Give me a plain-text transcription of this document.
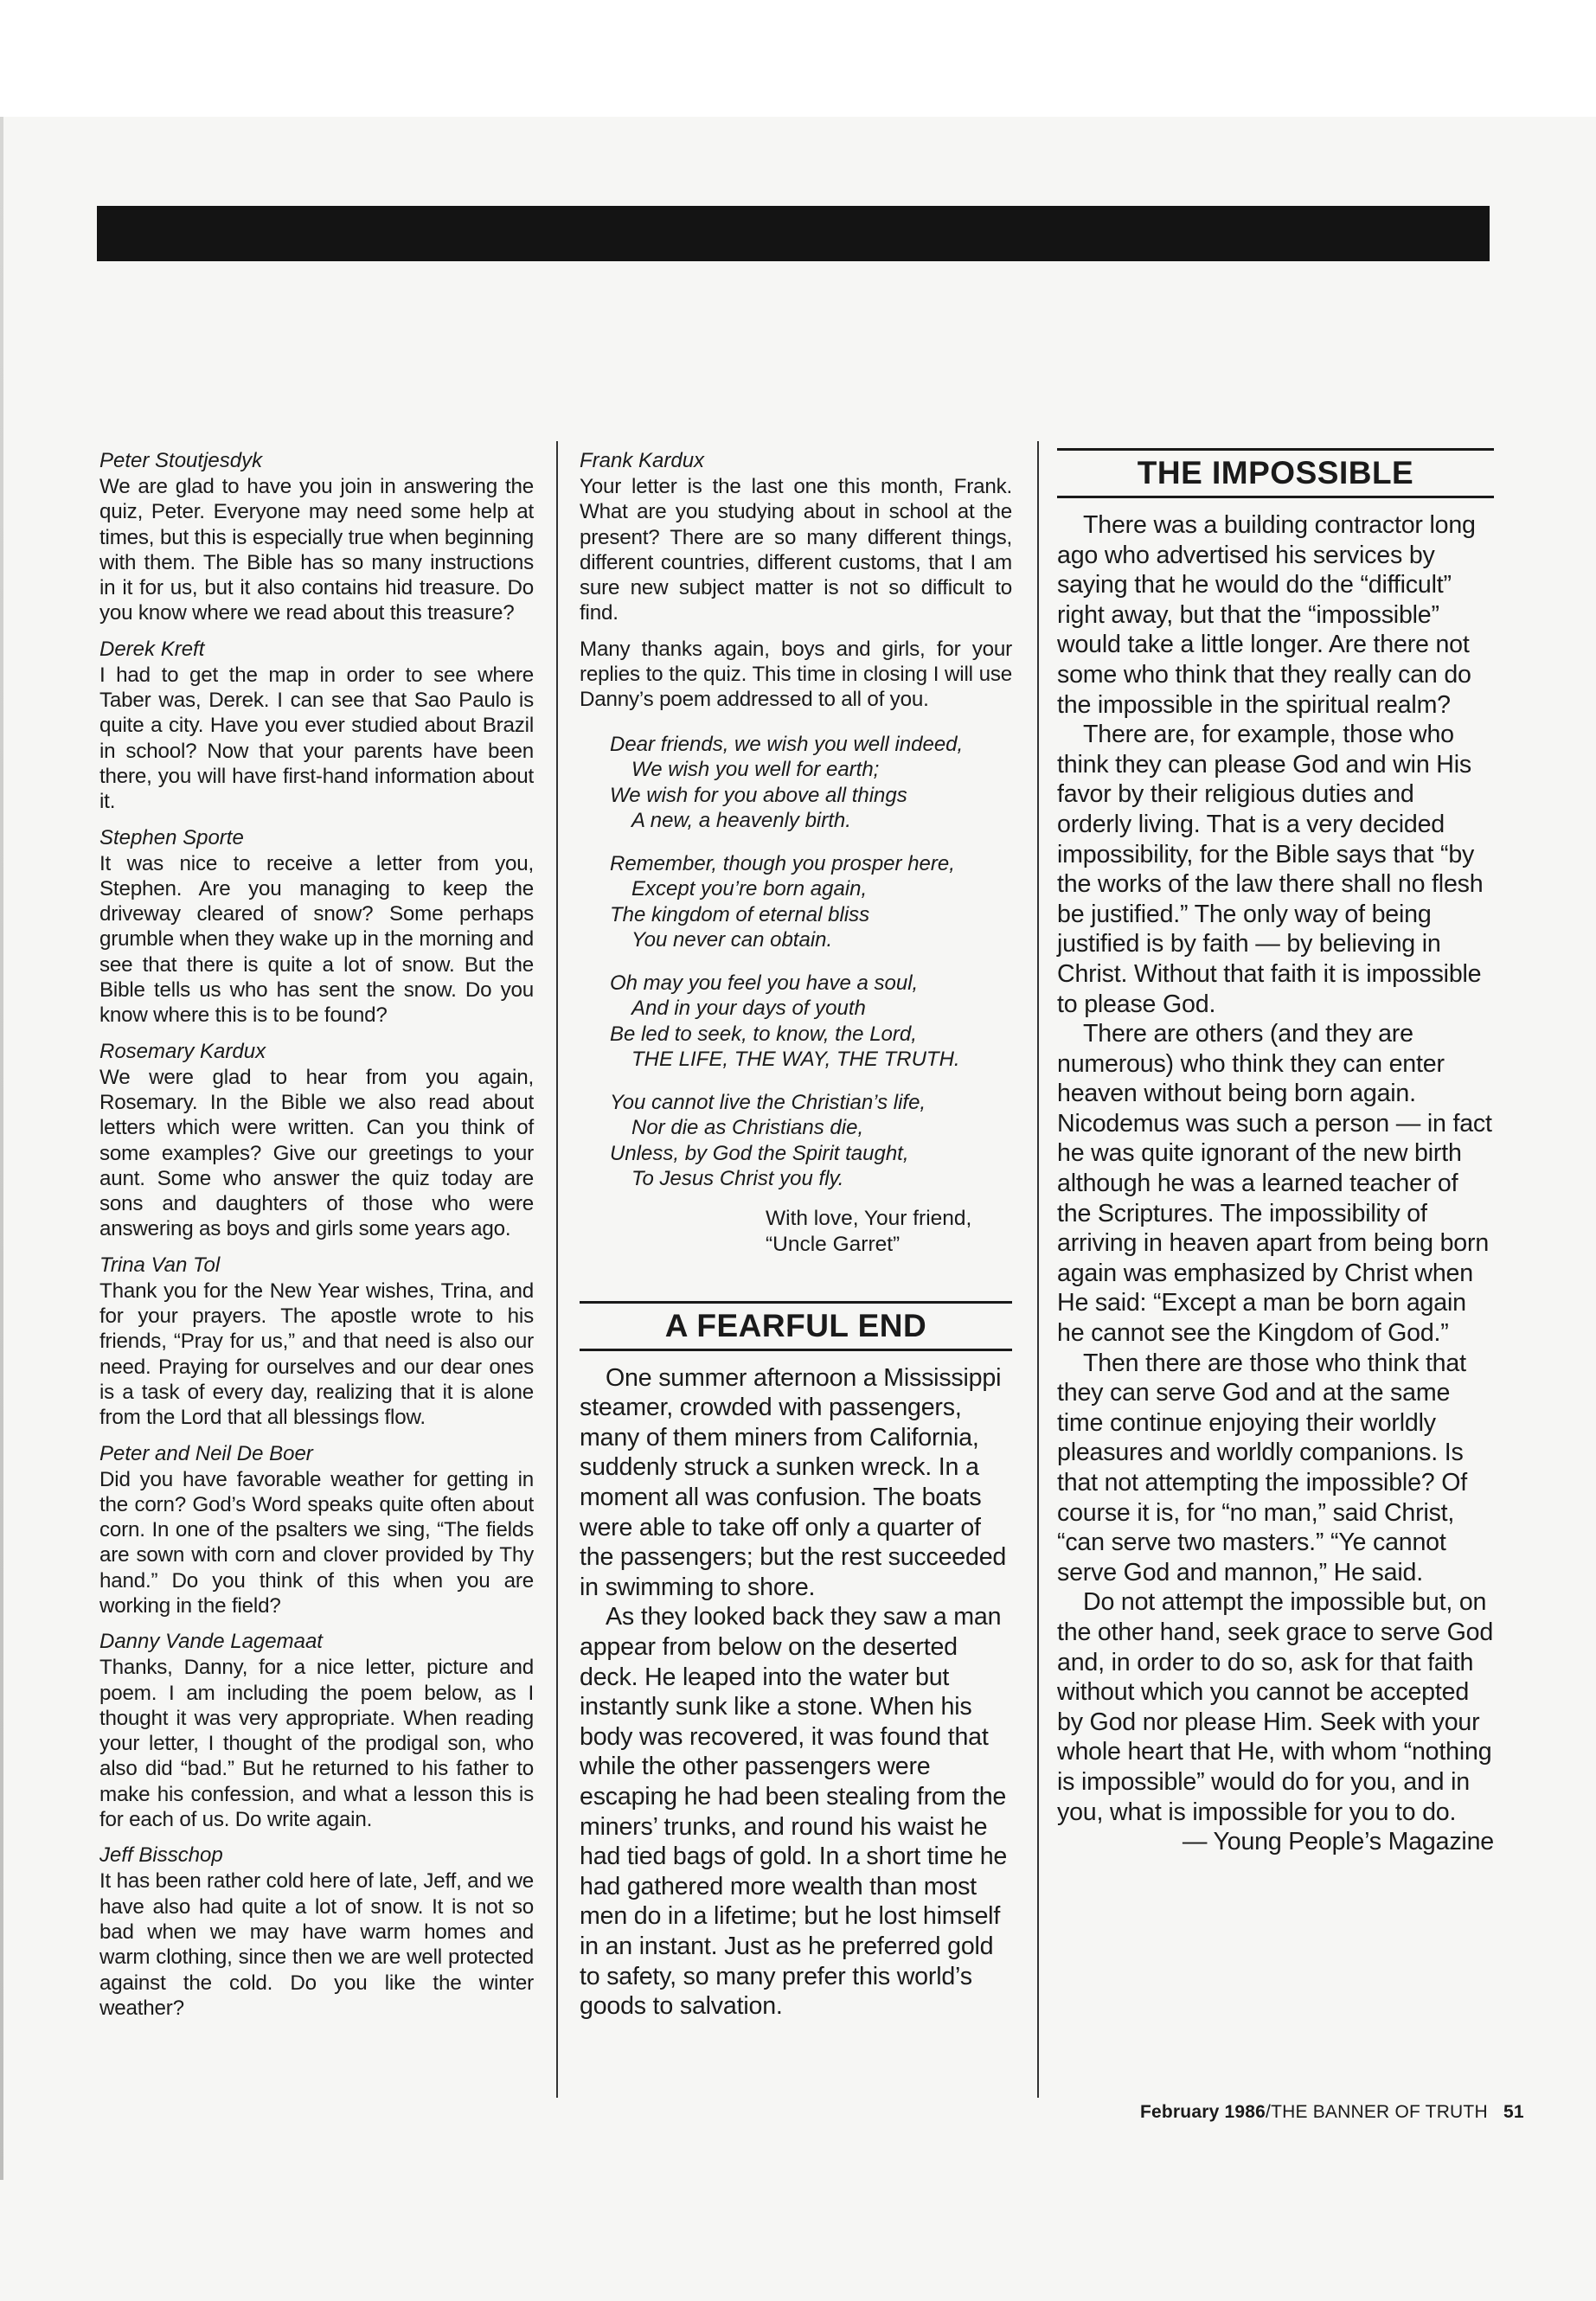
Peter Stoutjesdyk

We are glad to have you join in answering the quiz, Peter. Everyone may need some help at times, but this is especially true when beginning with them. The Bible has so many instructions in it for us, but it also contains hid treasure. Do you know where we read about this treasure?

Derek Kreft

I had to get the map in order to see where Taber was, Derek. I can see that Sao Paulo is quite a city. Have you ever studied about Brazil in school? Now that your parents have been there, you will have first-hand information about it.

Stephen Sporte

It was nice to receive a letter from you, Stephen. Are you managing to keep the driveway cleared of snow? Some perhaps grumble when they wake up in the morning and see that there is quite a lot of snow. But the Bible tells us who has sent the snow. Do you know where this is to be found?

Rosemary Kardux

We were glad to hear from you again, Rosemary. In the Bible we also read about letters which were written. Can you think of some examples? Give our greetings to your aunt. Some who answer the quiz today are sons and daughters of those who were answering as boys and girls some years ago.

Trina Van Tol

Thank you for the New Year wishes, Trina, and for your prayers. The apostle wrote to his friends, “Pray for us,” and that need is also our need. Praying for ourselves and our dear ones is a task of every day, realizing that it is alone from the Lord that all blessings flow.

Peter and Neil De Boer

Did you have favorable weather for getting in the corn? God’s Word speaks quite often about corn. In one of the psalters we sing, “The fields are sown with corn and clover provided by Thy hand.” Do you think of this when you are working in the field?

Danny Vande Lagemaat

Thanks, Danny, for a nice letter, picture and poem. I am including the poem below, as I thought it was very appropriate. When reading your letter, I thought of the prodigal son, who also did “bad.” But he returned to his father to make his confession, and what a lesson this is for each of us. Do write again.

Jeff Bisschop

It has been rather cold here of late, Jeff, and we have also had quite a lot of snow. It is not so bad when we may have warm homes and warm clothing, since then we are well protected against the cold. Do you like the winter weather?

Frank Kardux

Your letter is the last one this month, Frank. What are you studying about in school at the present? There are so many different things, different countries, different customs, that I am sure new subject matter is not so difficult to find.

Many thanks again, boys and girls, for your replies to the quiz. This time in closing I will use Danny’s poem addressed to all of you.

Dear friends, we wish you well indeed,
We wish you well for earth;
We wish for you above all things
A new, a heavenly birth.
Remember, though you prosper here,
Except you’re born again,
The kingdom of eternal bliss
You never can obtain.
Oh may you feel you have a soul,
And in your days of youth
Be led to seek, to know, the Lord,
THE LIFE, THE WAY, THE TRUTH.
You cannot live the Christian’s life,
Nor die as Christians die,
Unless, by God the Spirit taught,
To Jesus Christ you fly.
With love, Your friend,
“Uncle Garret”
A FEARFUL END

One summer afternoon a Mississippi steamer, crowded with passengers, many of them miners from California, suddenly struck a sunken wreck. In a moment all was confusion. The boats were able to take off only a quarter of the passengers; but the rest succeeded in swimming to shore.

As they looked back they saw a man appear from below on the deserted deck. He leaped into the water but instantly sunk like a stone. When his body was recovered, it was found that while the other passengers were escaping he had been stealing from the miners’ trunks, and round his waist he had tied bags of gold. In a short time he had gathered more wealth than most men do in a lifetime; but he lost himself in an instant. Just as he preferred gold to safety, so many prefer this world’s goods to salvation.

THE IMPOSSIBLE

There was a building contractor long ago who advertised his services by saying that he would do the “difficult” right away, but that the “impossible” would take a little longer. Are there not some who think that they really can do the impossible in the spiritual realm?

There are, for example, those who think they can please God and win His favor by their religious duties and orderly living. That is a very decided impossibility, for the Bible says that “by the works of the law there shall no flesh be justified.” The only way of being justified is by faith — by believing in Christ. Without that faith it is impossible to please God.

There are others (and they are numerous) who think they can enter heaven without being born again. Nicodemus was such a person — in fact he was quite ignorant of the new birth although he was a learned teacher of the Scriptures. The impossibility of arriving in heaven apart from being born again was emphasized by Christ when He said: “Except a man be born again he cannot see the Kingdom of God.”

Then there are those who think that they can serve God and at the same time continue enjoying their worldly pleasures and worldly companions. Is that not attempting the impossible? Of course it is, for “no man,” said Christ, “can serve two masters.” “Ye cannot serve God and mannon,” He said.

Do not attempt the impossible but, on the other hand, seek grace to serve God and, in order to do so, ask for that faith without which you cannot be accepted by God nor please Him. Seek with your whole heart that He, with whom “nothing is impossible” would do for you, and in you, what is impossible for you to do.

— Young People’s Magazine

February 1986/THE BANNER OF TRUTH 51
